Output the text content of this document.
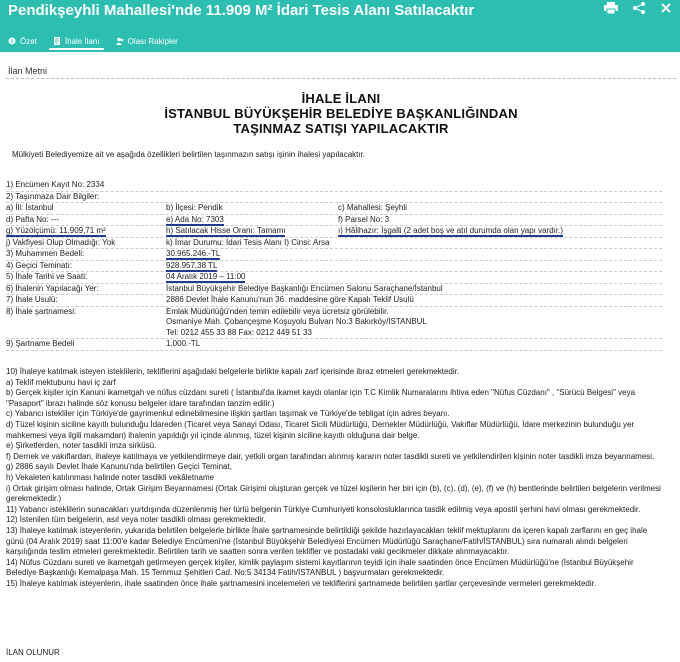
Pendikşeyhli Mahallesi'nde 11.909 M² İdari Tesis Alanı Satılacaktır
Özet	İhale İlanı	Olası Rakipler
İlan Metni
İHALE İLANI
İSTANBUL BÜYÜKŞEHİR BELEDİYE BAŞKANLIĞINDAN
TAŞINMAZ SATIŞI YAPILACAKTIR
Mülkiyeti Belediyemize ait ve aşağıda özellikleri belirtilen taşınmazın satışı işinin ihalesi yapılacaktır.
1) Encümen Kayıt No: 2334
2) Taşınmaza Dair Bilgiler:
a) İli: İstanbul	b) İlçesi: Pendik	c) Mahallesi: Şeyhli
d) Pafta No: ---	e) Ada No: 7303	f) Parsel No: 3
g) Yüzölçümü: 11.909,71 m²	h) Satılacak Hisse Oranı: Tamamı	ı) Hâlihazır: İşgalli (2 adet boş ve atıl durumda olan yapı vardır.)
j) Vakfiyesi Olup Olmadığı: Yok	k) İmar Durumu: İdari Tesis Alanı I) Cinsi: Arsa
3) Muhammen Bedeli:	30.965.246.-TL
4) Geçici Teminatı:	928.957,38 TL
5) İhale Tarihi ve Saati:	04 Aralık 2019 – 11:00
6) İhalenin Yapılacağı Yer:	İstanbul Büyükşehir Belediye Başkanlığı Encümen Salonu Saraçhane/İstanbul
7) İhale Usulü:	2886 Devlet İhale Kanunu'nun 36. maddesine göre Kapalı Teklif Usulü
8) İhale şartnamesi:	Emlak Müdürlüğü'nden temin edilebilir veya ücretsiz görülebilir.
Osmaniye Mah. Çobançeşme Koşuyolu Bulvarı No:3 Bakırköy/İSTANBUL
Tel: 0212 455 33 88 Fax: 0212 449 51 33
9) Şartname Bedeli	1.000.-TL

10) İhaleye katılmak isteyen isteklilerin, tekliflerini aşağıdaki belgelerle birlikte kapalı zarf içerisinde ibraz etmeleri gerekmektedir.

a) Teklif mektubunu havi iç zarf

b) Gerçek kişiler için Kanuni ikametgah ve nüfus cüzdanı sureti ( İstanbul'da ikamet kaydı olanlar için T.C Kimlik Numaralarını ihtiva eden "Nüfus Cüzdanı" , "Sürücü Belgesi" veya "Pasaport" ibrazı halinde söz konusu belgeler idare tarafından tanzim edilir.)

c) Yabancı istekliler için Türkiye'de gayrimenkul edinebilmesine ilişkin şartları taşımak ve Türkiye'de tebligat için adres beyanı.

d) Tüzel kişinin siciline kayıtlı bulunduğu İdareden (Ticaret veya Sanayi Odası, Ticaret Sicili Müdürlüğü, Dernekler Müdürlüğü, Vakıflar Müdürlüğü, İdare merkezinin bulunduğu yer mahkemesi veya ilgili makamdan) ihalenin yapıldığı yıl içinde alınmış, tüzel kişinin siciline kayıtlı olduğuna dair belge.

e) Şirketlerden, noter tasdikli imza sirküsü.

f) Dernek ve vakıflardan, ihaleye katılmaya ve yetkilendirmeye dair, yetkili organ tarafından alınmış kararın noter tasdikli sureti ve yetkilendirilen kişinin noter tasdikli imza beyannamesi.

g) 2886 sayılı Devlet İhale Kanunu'nda belirtilen Geçici Teminat,

h) Vekaleten katılınması halinde noter tasdikli vekâletname

i) Ortak girişim olması halinde, Ortak Girişim Beyannamesi (Ortak Girişimi oluşturan gerçek ve tüzel kişilerin her biri için (b), (c), (d), (e), (f) ve (h) bentlerinde belirtilen belgelerin verilmesi gerekmektedir.)

11) Yabancı isteklilerin sunacakları yurtdışında düzenlenmiş her türlü belgenin Türkiye Cumhuriyeti konsolosluklarınca tasdik edilmiş veya apostil şerhini havi olması gerekmektedir.

12) İstenilen tüm belgelerin, asıl veya noter tasdikli olması gerekmektedir.

13) İhaleye katılmak isteyenlerin, yukarıda belirtilen belgelerle birlikte İhale şartnamesinde belirtildiği şekilde hazırlayacakları teklif mektuplarını da içeren kapalı zarflarını en geç ihale günü (04 Aralık 2019) saat 11:00'e kadar Belediye Encümeni'ne (İstanbul Büyükşehir Belediyesi Encümen Müdürlüğü Saraçhane/Fatih/İSTANBUL) sıra numaralı alındı belgeleri karşılığında teslim etmeleri gerekmektedir. Belirtilen tarih ve saatten sonra verilen teklifler ve postadaki vaki gecikmeler dikkate alınmayacaktır.

14) Nüfus Cüzdanı sureti ve ikametgah getirmeyen gerçek kişiler, kimlik paylaşım sistemi kayıtlarının teyidi için ihale saatinden önce Encümen Müdürlüğü'ne (İstanbul Büyükşehir Belediye Başkanlığı Kemalpaşa Mah. 15 Temmuz Şehitleri Cad. No:5 34134 Fatih/İSTANBUL ) başvurmaları gerekmektedir.

15) İhaleye katılmak isteyenlerin, ihale saatinden önce ihale şartnamesini incelemeleri ve tekliflerini şartnamede belirtilen şartlar çerçevesinde vermeleri gerekmektedir.

İLAN OLUNUR
